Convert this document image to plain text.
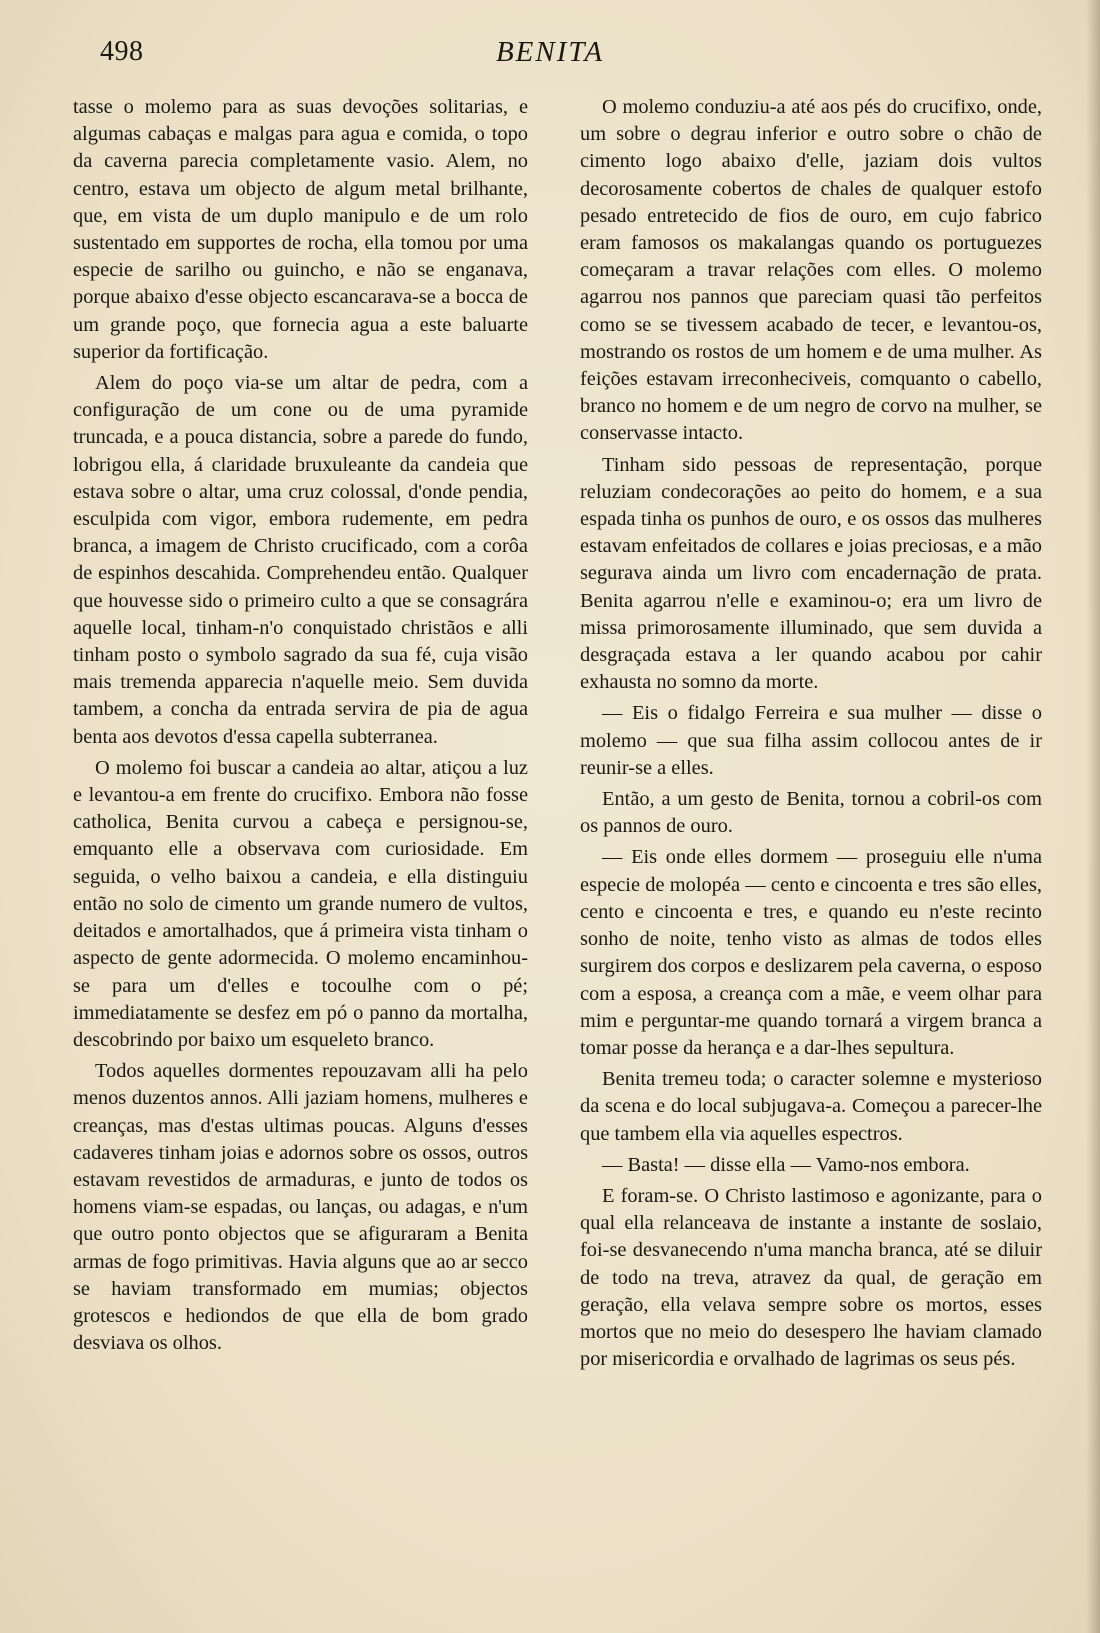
498	BENITA

tasse o molemo para as suas devoções solitarias, e algumas cabaças e malgas para agua e comida, o topo da caverna parecia completamente vasio. Alem, no centro, estava um objecto de algum metal brilhante, que, em vista de um duplo manipulo e de um rolo sustentado em supportes de rocha, ella tomou por uma especie de sarilho ou guincho, e não se enganava, porque abaixo d'esse objecto escancarava-se a bocca de um grande poço, que fornecia agua a este baluarte superior da fortificação.

Alem do poço via-se um altar de pedra, com a configuração de um cone ou de uma pyramide truncada, e a pouca distancia, sobre a parede do fundo, lobrigou ella, á claridade bruxuleante da candeia que estava sobre o altar, uma cruz colossal, d'onde pendia, esculpida com vigor, embora rudemente, em pedra branca, a imagem de Christo crucificado, com a corôa de espinhos descahida. Comprehendeu então. Qualquer que houvesse sido o primeiro culto a que se consagrára aquelle local, tinham-n'o conquistado christãos e alli tinham posto o symbolo sagrado da sua fé, cuja visão mais tremenda apparecia n'aquelle meio. Sem duvida tambem, a concha da entrada servira de pia de agua benta aos devotos d'essa capella subterranea.

O molemo foi buscar a candeia ao altar, atiçou a luz e levantou-a em frente do crucifixo. Embora não fosse catholica, Benita curvou a cabeça e persignou-se, emquanto elle a observava com curiosidade. Em seguida, o velho baixou a candeia, e ella distinguiu então no solo de cimento um grande numero de vultos, deitados e amortalhados, que á primeira vista tinham o aspecto de gente adormecida. O molemo encaminhou-se para um d'elles e tocoulhe com o pé; immediatamente se desfez em pó o panno da mortalha, descobrindo por baixo um esqueleto branco.

Todos aquelles dormentes repouzavam alli ha pelo menos duzentos annos. Alli jaziam homens, mulheres e creanças, mas d'estas ultimas poucas. Alguns d'esses cadaveres tinham joias e adornos sobre os ossos, outros estavam revestidos de armaduras, e junto de todos os homens viam-se espadas, ou lanças, ou adagas, e n'um que outro ponto objectos que se afiguraram a Benita armas de fogo primitivas. Havia alguns que ao ar secco se haviam transformado em mumias; objectos grotescos e hediondos de que ella de bom grado desviava os olhos.

O molemo conduziu-a até aos pés do crucifixo, onde, um sobre o degrau inferior e outro sobre o chão de cimento logo abaixo d'elle, jaziam dois vultos decorosamente cobertos de chales de qualquer estofo pesado entretecido de fios de ouro, em cujo fabrico eram famosos os makalangas quando os portuguezes começaram a travar relações com elles. O molemo agarrou nos pannos que pareciam quasi tão perfeitos como se se tivessem acabado de tecer, e levantou-os, mostrando os rostos de um homem e de uma mulher. As feições estavam irreconheciveis, comquanto o cabello, branco no homem e de um negro de corvo na mulher, se conservasse intacto.

Tinham sido pessoas de representação, porque reluziam condecorações ao peito do homem, e a sua espada tinha os punhos de ouro, e os ossos das mulheres estavam enfeitados de collares e joias preciosas, e a mão segurava ainda um livro com encadernação de prata. Benita agarrou n'elle e examinou-o; era um livro de missa primorosamente illuminado, que sem duvida a desgraçada estava a ler quando acabou por cahir exhausta no somno da morte.

— Eis o fidalgo Ferreira e sua mulher — disse o molemo — que sua filha assim collocou antes de ir reunir-se a elles.

Então, a um gesto de Benita, tornou a cobril-os com os pannos de ouro.

— Eis onde elles dormem — proseguiu elle n'uma especie de molopéa — cento e cincoenta e tres são elles, cento e cincoenta e tres, e quando eu n'este recinto sonho de noite, tenho visto as almas de todos elles surgirem dos corpos e deslizarem pela caverna, o esposo com a esposa, a creança com a mãe, e veem olhar para mim e perguntar-me quando tornará a virgem branca a tomar posse da herança e a dar-lhes sepultura.

Benita tremeu toda; o caracter solemne e mysterioso da scena e do local subjugava-a. Começou a parecer-lhe que tambem ella via aquelles espectros.

— Basta! — disse ella — Vamo-nos embora.

E foram-se. O Christo lastimoso e agonizante, para o qual ella relanceava de instante a instante de soslaio, foi-se desvanecendo n'uma mancha branca, até se diluir de todo na treva, atravez da qual, de geração em geração, ella velava sempre sobre os mortos, esses mortos que no meio do desespero lhe haviam clamado por misericordia e orvalhado de lagrimas os seus pés.
